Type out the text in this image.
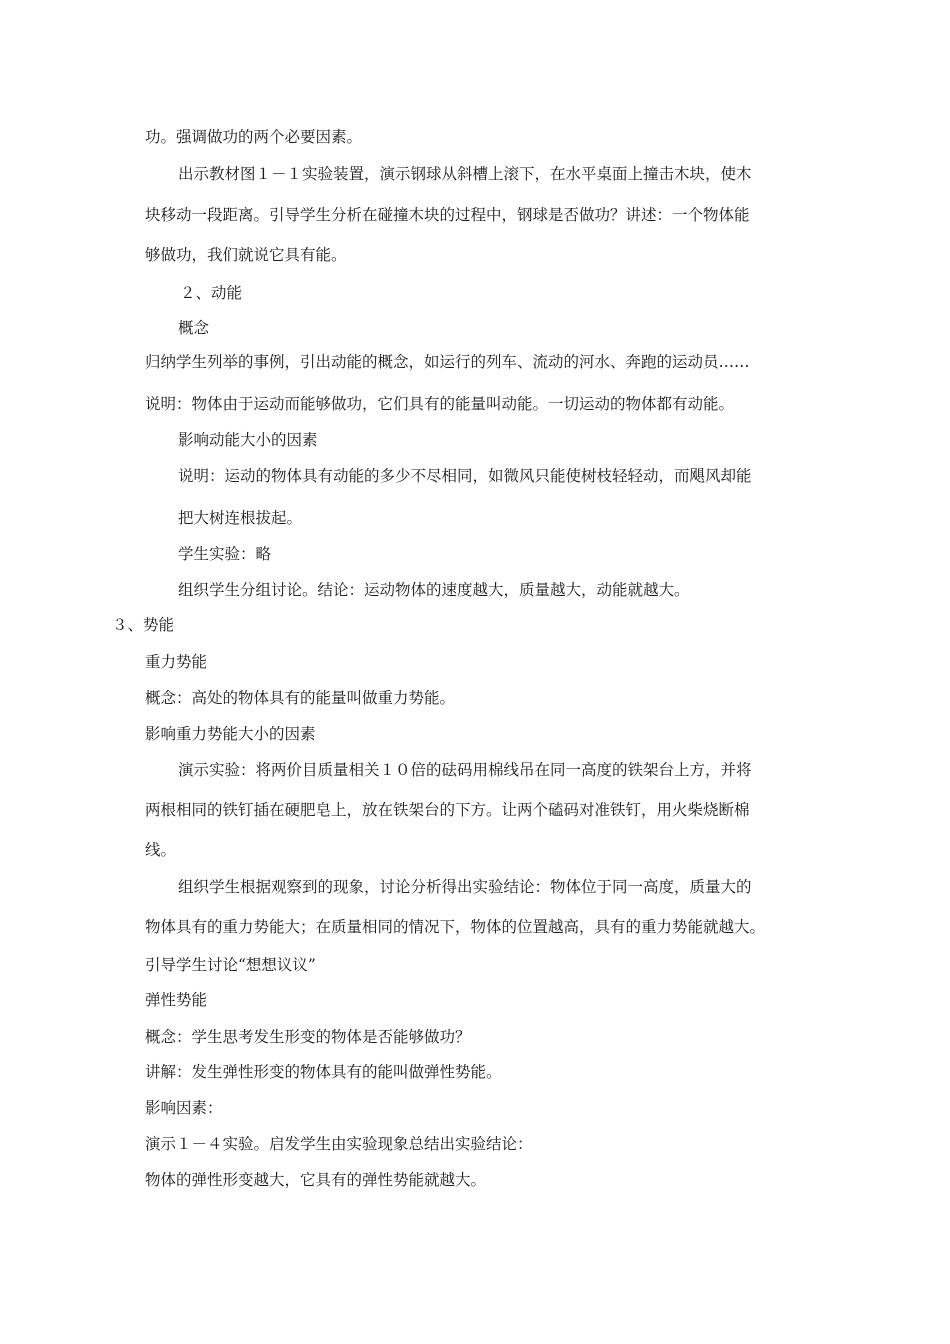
功。强调做功的两个必要因素。
出示教材图１－１实验装置，演示钢球从斜槽上滚下，在水平桌面上撞击木块，使木
块移动一段距离。引导学生分析在碰撞木块的过程中，钢球是否做功？讲述：一个物体能
够做功，我们就说它具有能。
２、动能
概念
归纳学生列举的事例，引出动能的概念，如运行的列车、流动的河水、奔跑的运动员……
说明：物体由于运动而能够做功，它们具有的能量叫动能。一切运动的物体都有动能。
影响动能大小的因素
说明：运动的物体具有动能的多少不尽相同，如微风只能使树枝轻轻动，而飓风却能
把大树连根拔起。
学生实验：略
组织学生分组讨论。结论：运动物体的速度越大，质量越大，动能就越大。
３、势能
重力势能
概念：高处的物体具有的能量叫做重力势能。
影响重力势能大小的因素
演示实验：将两价目质量相关１０倍的砝码用棉线吊在同一高度的铁架台上方，并将
两根相同的铁钉插在硬肥皂上，放在铁架台的下方。让两个磕码对准铁钉，用火柴烧断棉
线。
组织学生根据观察到的现象，讨论分析得出实验结论：物体位于同一高度，质量大的
物体具有的重力势能大；在质量相同的情况下，物体的位置越高，具有的重力势能就越大。
引导学生讨论“想想议议”
弹性势能
概念：学生思考发生形变的物体是否能够做功？
讲解：发生弹性形变的物体具有的能叫做弹性势能。
影响因素：
演示１－４实验。启发学生由实验现象总结出实验结论：
物体的弹性形变越大，它具有的弹性势能就越大。
